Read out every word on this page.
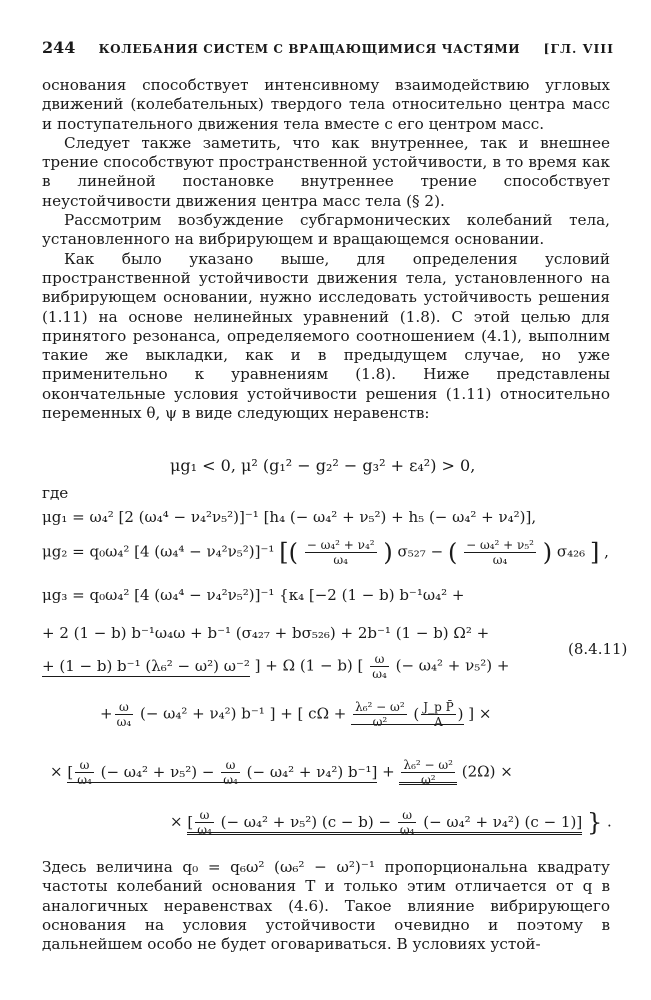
244	КОЛЕБАНИЯ СИСТЕМ С ВРАЩАЮЩИМИСЯ ЧАСТЯМИ	[ГЛ. VIII

основания способствует интенсивному взаимодействию угловых движений (колебательных) твердого тела относительно центра масс и поступательного движения тела вместе с его центром масс.

Следует также заметить, что как внутреннее, так и внешнее трение способствуют пространственной устойчивости, в то время как в линейной постановке внутреннее трение способствует неустойчивости движения центра масс тела (§ 2).

Рассмотрим возбуждение субгармонических колебаний тела, установленного на вибрирующем и вращающемся основании.

Как было указано выше, для определения условий пространственной устойчивости движения тела, установленного на вибрирующем основании, нужно исследовать устойчивость решения (1.11) на основе нелинейных уравнений (1.8). С этой целью для принятого резонанса, определяемого соотношением (4.1), выполним такие же выкладки, как и в предыдущем случае, но уже применительно к уравнениям (1.8). Ниже представлены окончательные условия устойчивости решения (1.11) относительно переменных θ, ψ в виде следующих неравенств:

μg₁ < 0, μ² (g₁² − g₂² − g₃² + ε₄²) > 0,
где
μg₁ = ω₄² [2 (ω₄⁴ − ν₄²ν₅²)]⁻¹ [h₄ (− ω₄² + ν₅²) + h₅ (− ω₄² + ν₄²)],
μg₂ = q₀ω₄² [4 (ω₄⁴ − ν₄²ν₅²)]⁻¹ [( $\frac{\text{− ω₄² + ν₄²}}{\text{ω₄}}$ ) σ₅₂₇ − ( $\frac{\text{− ω₄² + ν₅²}}{\text{ω₄}}$ ) σ₄₂₆ ] ,
μg₃ = q₀ω₄² [4 (ω₄⁴ − ν₄²ν₅²)]⁻¹ {κ₄ [−2 (1 − b) b⁻¹ω₄² +
+ 2 (1 − b) b⁻¹ω₄ω + b⁻¹ (σ₄₂₇ + bσ₅₂₆) + 2b⁻¹ (1 − b) Ω² +
+ (1 − b) b⁻¹ (λ₆² − ω²) ω⁻² ] + Ω (1 − b) [ $\frac{\omega}{\text{ω₄}}$ (− ω₄² + ν₅²) +
(8.4.11)
+ $\frac{\omega}{\text{ω₄}}$ (− ω₄² + ν₄²) b⁻¹ ] + [ $c\Omega + \frac{\text{λ₆² − ω²}}{\text{ω²}}$ ( $\frac{\text{J\_p P̄}}{A}$ ) ] ×
× [ $\frac{\omega}{\text{ω₄}}$ (− $\omega_4^2 + \nu_5^2) - \frac{\omega}{\text{ω₄}}$ (− ω₄² + ν₄²) $b^{-1}] + \frac{\text{λ₆² − ω²}}{\text{ω²}} (2\Omega)$ ×
× [ $\frac{\omega}{\text{ω₄}}$ (− ω₄² + ν₅²) $(c - b) - \frac{\omega}{\text{ω₄}}$ (− ω₄² + ν₄²) (c − 1)] } .
Здесь величина q₀ = q₆ω² (ω₆² − ω²)⁻¹ пропорциональна квадрату частоты колебаний основания T и только этим отличается от q в аналогичных неравенствах (4.6). Такое влияние вибрирующего основания на условия устойчивости очевидно и поэтому в дальнейшем особо не будет оговариваться. В условиях устой-
